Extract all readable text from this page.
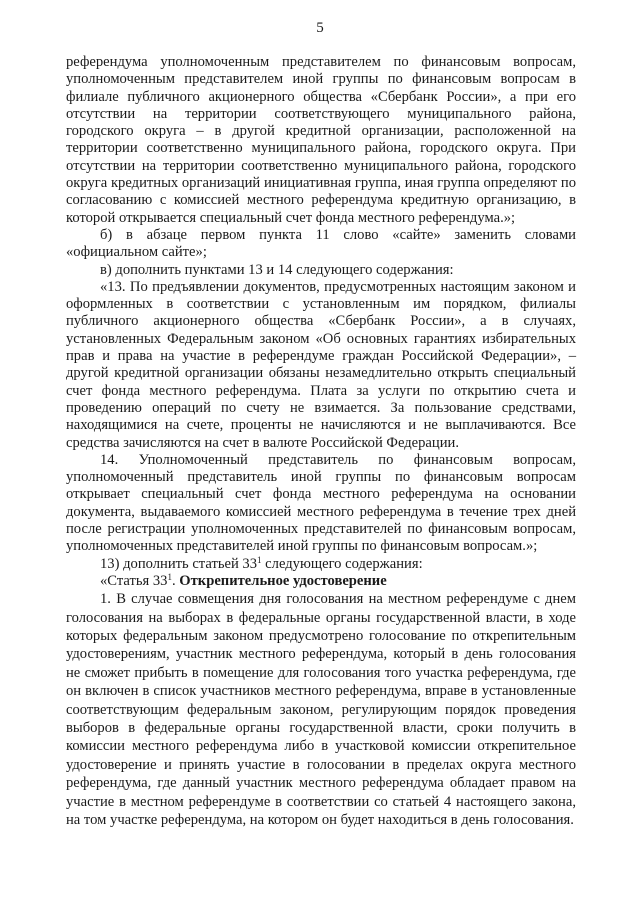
5

референдума уполномоченным представителем по финансовым вопросам, уполномоченным представителем иной группы по финансовым вопросам в филиале публичного акционерного общества «Сбербанк России», а при его отсутствии на территории соответствующего муниципального района, городского округа – в другой кредитной организации, расположенной на территории соответственно муниципального района, городского округа. При отсутствии на территории соответственно муниципального района, городского округа кредитных организаций инициативная группа, иная группа определяют по согласованию с комиссией местного референдума кредитную организацию, в которой открывается специальный счет фонда местного референдума.»;

б) в абзаце первом пункта 11 слово «сайте» заменить словами «официальном сайте»;

в) дополнить пунктами 13 и 14 следующего содержания:

«13. По предъявлении документов, предусмотренных настоящим законом и оформленных в соответствии с установленным им порядком, филиалы публичного акционерного общества «Сбербанк России», а в случаях, установленных Федеральным законом «Об основных гарантиях избирательных прав и права на участие в референдуме граждан Российской Федерации», – другой кредитной организации обязаны незамедлительно открыть специальный счет фонда местного референдума. Плата за услуги по открытию счета и проведению операций по счету не взимается. За пользование средствами, находящимися на счете, проценты не начисляются и не выплачиваются. Все средства зачисляются на счет в валюте Российской Федерации.

14. Уполномоченный представитель по финансовым вопросам, уполномоченный представитель иной группы по финансовым вопросам открывает специальный счет фонда местного референдума на основании документа, выдаваемого комиссией местного референдума в течение трех дней после регистрации уполномоченных представителей по финансовым вопросам, уполномоченных представителей иной группы по финансовым вопросам.»;

13) дополнить статьей $33^1$ следующего содержания:

«Статья $33^1$. Открепительное удостоверение

1. В случае совмещения дня голосования на местном референдуме с днем голосования на выборах в федеральные органы государственной власти, в ходе которых федеральным законом предусмотрено голосование по открепительным удостоверениям, участник местного референдума, который в день голосования не сможет прибыть в помещение для голосования того участка референдума, где он включен в список участников местного референдума, вправе в установленные соответствующим федеральным законом, регулирующим порядок проведения выборов в федеральные органы государственной власти, сроки получить в комиссии местного референдума либо в участковой комиссии открепительное удостоверение и принять участие в голосовании в пределах округа местного референдума, где данный участник местного референдума обладает правом на участие в местном референдуме в соответствии со статьей 4 настоящего закона, на том участке референдума, на котором он будет находиться в день голосования.
